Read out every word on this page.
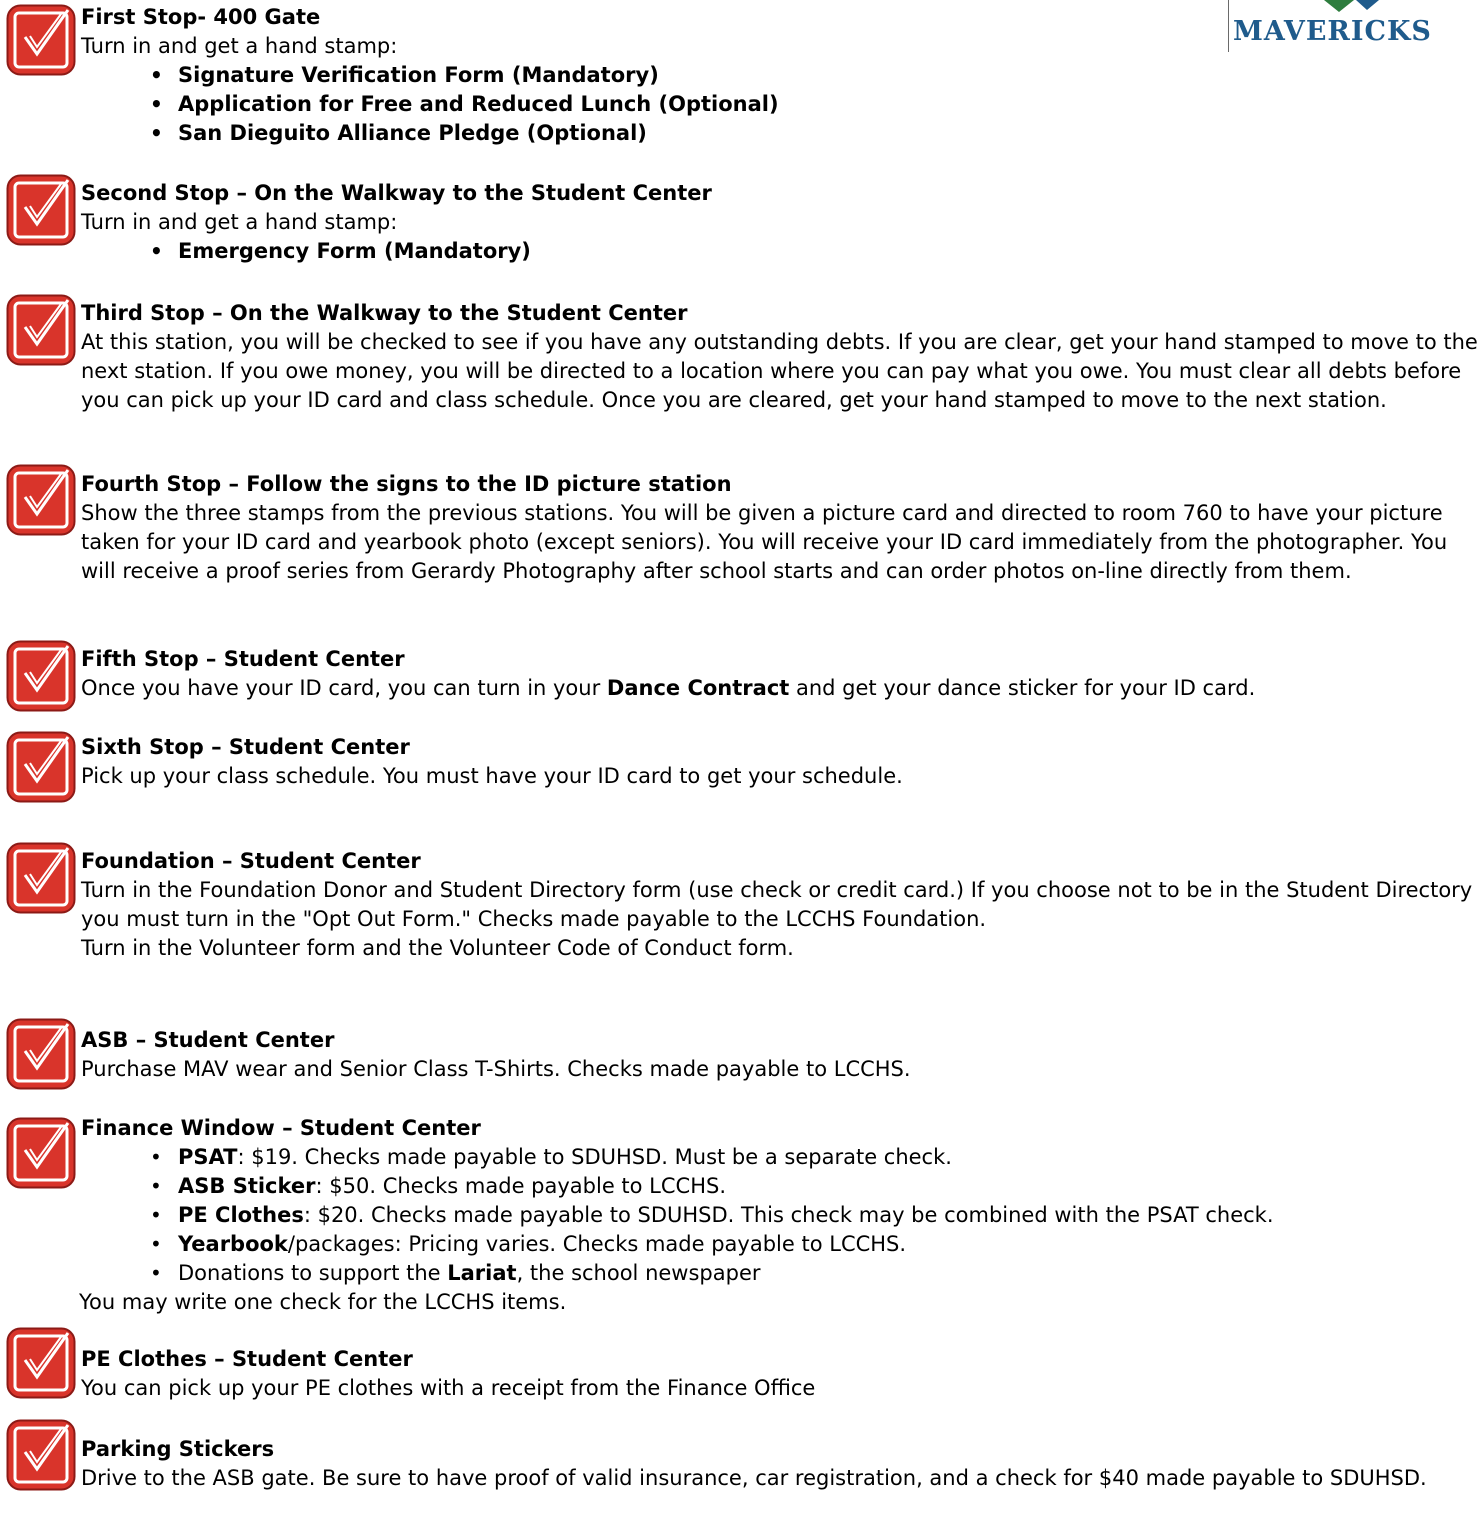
MAVERICKS
First Stop- 400 Gate
Turn in and get a hand stamp:
• Signature Verification Form (Mandatory)
• Application for Free and Reduced Lunch (Optional)
• San Dieguito Alliance Pledge (Optional)
Second Stop – On the Walkway to the Student Center
Turn in and get a hand stamp:
• Emergency Form (Mandatory)
Third Stop – On the Walkway to the Student Center
At this station, you will be checked to see if you have any outstanding debts. If you are clear, get your hand stamped to move to the next station. If you owe money, you will be directed to a location where you can pay what you owe. You must clear all debts before you can pick up your ID card and class schedule. Once you are cleared, get your hand stamped to move to the next station.
Fourth Stop – Follow the signs to the ID picture station
Show the three stamps from the previous stations. You will be given a picture card and directed to room 760 to have your picture taken for your ID card and yearbook photo (except seniors). You will receive your ID card immediately from the photographer. You will receive a proof series from Gerardy Photography after school starts and can order photos on-line directly from them.
Fifth Stop – Student Center
Once you have your ID card, you can turn in your Dance Contract and get your dance sticker for your ID card.
Sixth Stop – Student Center
Pick up your class schedule. You must have your ID card to get your schedule.
Foundation – Student Center
Turn in the Foundation Donor and Student Directory form (use check or credit card.) If you choose not to be in the Student Directory you must turn in the "Opt Out Form." Checks made payable to the LCCHS Foundation.
Turn in the Volunteer form and the Volunteer Code of Conduct form.
ASB – Student Center
Purchase MAV wear and Senior Class T-Shirts. Checks made payable to LCCHS.
Finance Window – Student Center
• PSAT: $19. Checks made payable to SDUHSD. Must be a separate check.
• ASB Sticker: $50. Checks made payable to LCCHS.
• PE Clothes: $20. Checks made payable to SDUHSD. This check may be combined with the PSAT check.
• Yearbook/packages: Pricing varies. Checks made payable to LCCHS.
• Donations to support the Lariat, the school newspaper
You may write one check for the LCCHS items.
PE Clothes – Student Center
You can pick up your PE clothes with a receipt from the Finance Office
Parking Stickers
Drive to the ASB gate. Be sure to have proof of valid insurance, car registration, and a check for $40 made payable to SDUHSD.
